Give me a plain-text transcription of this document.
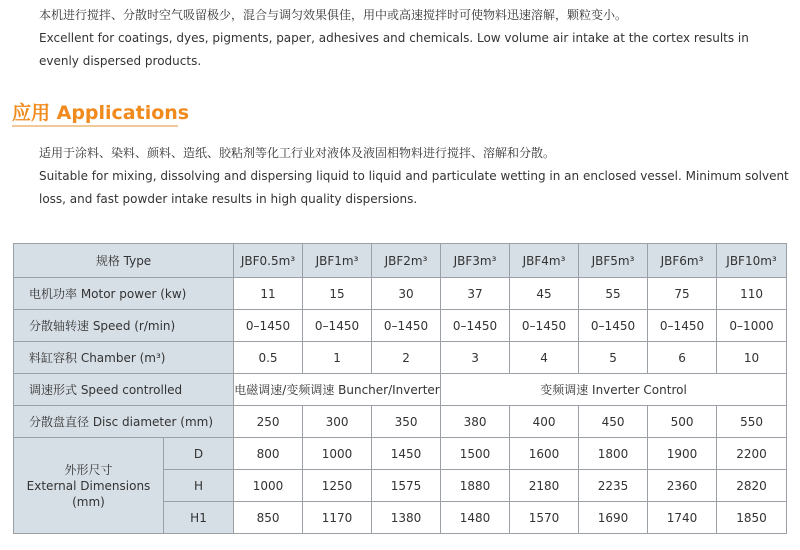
本机进行搅拌、分散时空气吸留极少，混合与调匀效果俱佳，用中或高速搅拌时可使物料迅速溶解，颗粒变小。
Excellent for coatings, dyes, pigments, paper, adhesives and chemicals. Low volume air intake at the cortex results in evenly dispersed products.

应用 Applications

适用于涂料、染料、颜料、造纸、胶粘剂等化工行业对液体及液固相物料进行搅拌、溶解和分散。
Suitable for mixing, dissolving and dispersing liquid to liquid and particulate wetting in an enclosed vessel. Minimum solvent loss, and fast powder intake results in high quality dispersions.

规格 Type		JBF0.5m³	JBF1m³	JBF2m³	JBF3m³	JBF4m³	JBF5m³	JBF6m³	JBF10m³
电机功率 Motor power (kw)		11	15	30	37	45	55	75	110
分散轴转速 Speed (r/min)		0–1450	0–1450	0–1450	0–1450	0–1450	0–1450	0–1450	0–1000
料缸容积 Chamber (m³)		0.5	1	2	3	4	5	6	10
调速形式 Speed controlled		电磁调速/变频调速 Buncher/Inverter			变频调速 Inverter Control				
分散盘直径 Disc diameter (mm)		250	300	350	380	400	450	500	550

外形尺寸
External Dimensions
(mm)	D	800	1000	1450	1500	1600	1800	1900	2200
	H	1000	1250	1575	1880	2180	2235	2360	2820
	H1	850	1170	1380	1480	1570	1690	1740	1850
